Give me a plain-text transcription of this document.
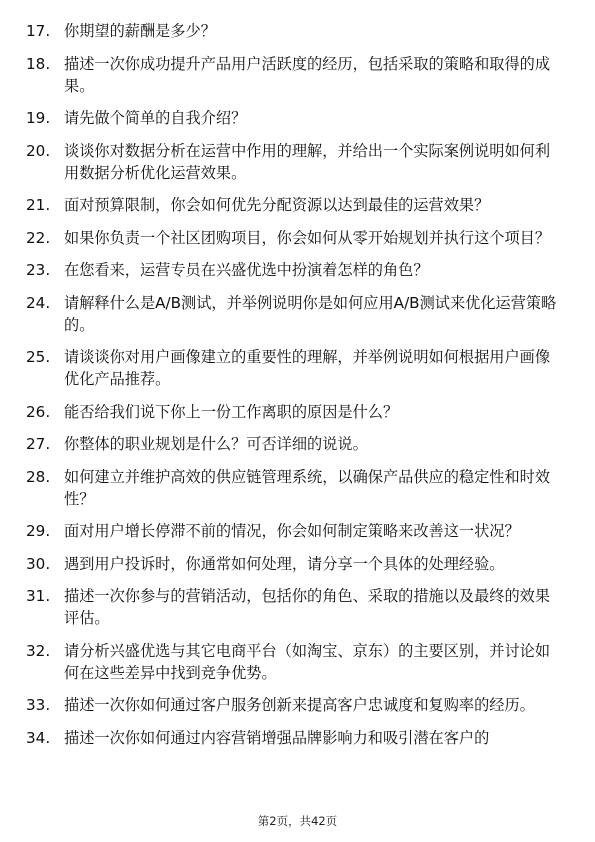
17. 你期望的薪酬是多少？
18. 描述一次你成功提升产品用户活跃度的经历，包括采取的策略和取得的成果。
19. 请先做个简单的自我介绍？
20. 谈谈你对数据分析在运营中作用的理解，并给出一个实际案例说明如何利用数据分析优化运营效果。
21. 面对预算限制，你会如何优先分配资源以达到最佳的运营效果？
22. 如果你负责一个社区团购项目，你会如何从零开始规划并执行这个项目？
23. 在您看来，运营专员在兴盛优选中扮演着怎样的角色？
24. 请解释什么是A/B测试，并举例说明你是如何应用A/B测试来优化运营策略的。
25. 请谈谈你对用户画像建立的重要性的理解，并举例说明如何根据用户画像优化产品推荐。
26. 能否给我们说下你上一份工作离职的原因是什么？
27. 你整体的职业规划是什么？可否详细的说说。
28. 如何建立并维护高效的供应链管理系统，以确保产品供应的稳定性和时效性？
29. 面对用户增长停滞不前的情况，你会如何制定策略来改善这一状况？
30. 遇到用户投诉时，你通常如何处理，请分享一个具体的处理经验。
31. 描述一次你参与的营销活动，包括你的角色、采取的措施以及最终的效果评估。
32. 请分析兴盛优选与其它电商平台（如淘宝、京东）的主要区别，并讨论如何在这些差异中找到竞争优势。
33. 描述一次你如何通过客户服务创新来提高客户忠诚度和复购率的经历。
34. 描述一次你如何通过内容营销增强品牌影响力和吸引潜在客户的
第2页，共42页
